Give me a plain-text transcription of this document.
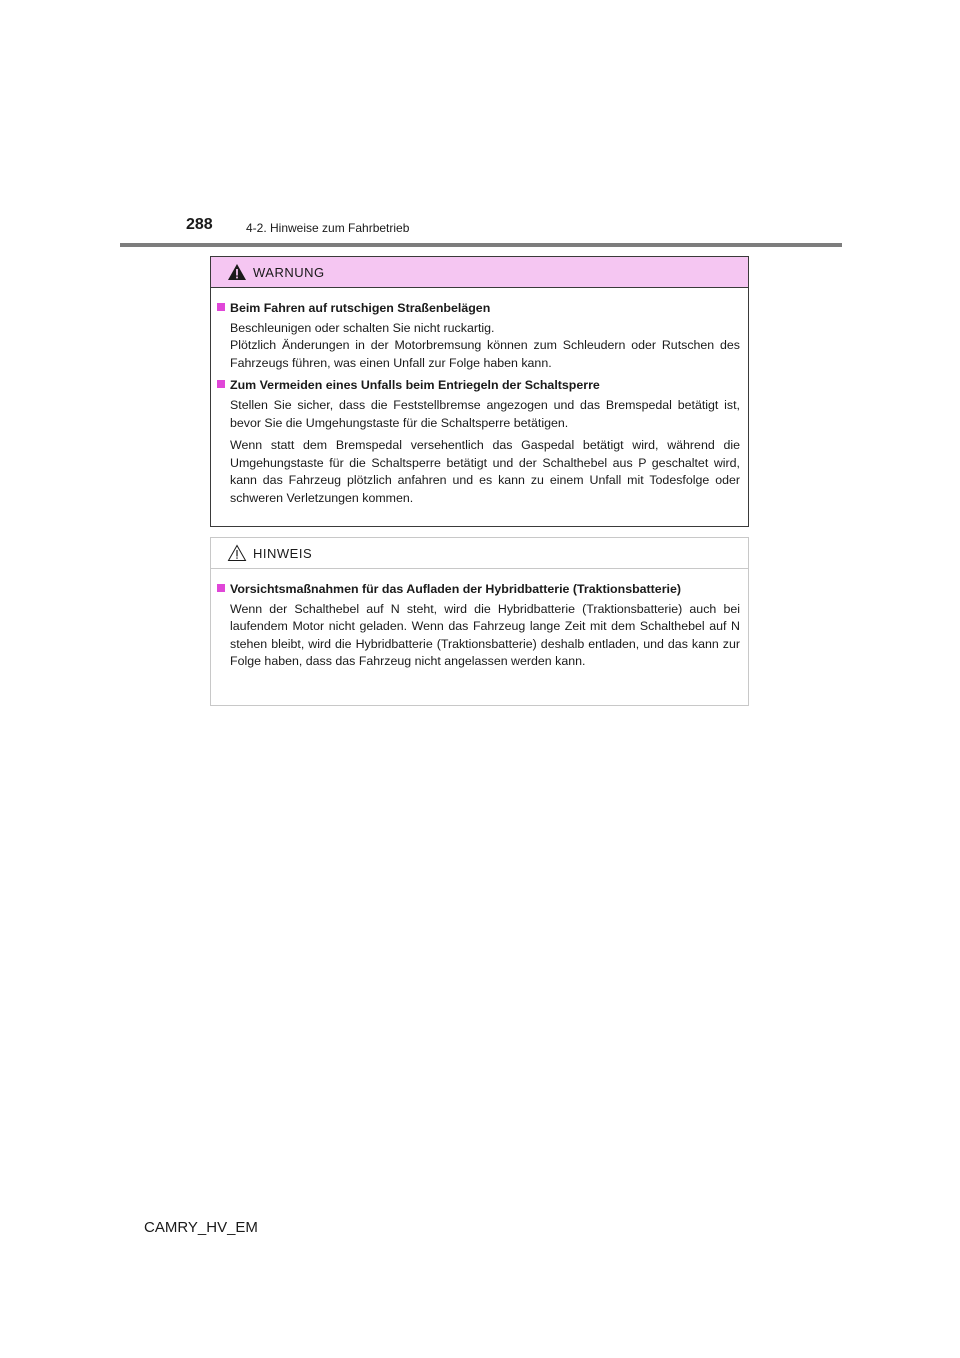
288	4-2. Hinweise zum Fahrbetrieb
WARNUNG
Beim Fahren auf rutschigen Straßenbelägen

Beschleunigen oder schalten Sie nicht ruckartig.

Plötzlich Änderungen in der Motorbremsung können zum Schleudern oder Rutschen des Fahrzeugs führen, was einen Unfall zur Folge haben kann.

Zum Vermeiden eines Unfalls beim Entriegeln der Schaltsperre

Stellen Sie sicher, dass die Feststellbremse angezogen und das Bremspedal betätigt ist, bevor Sie die Umgehungstaste für die Schaltsperre betätigen.

Wenn statt dem Bremspedal versehentlich das Gaspedal betätigt wird, während die Umgehungstaste für die Schaltsperre betätigt und der Schalthebel aus P geschaltet wird, kann das Fahrzeug plötzlich anfahren und es kann zu einem Unfall mit Todesfolge oder schweren Verletzungen kommen.

HINWEIS
Vorsichtsmaßnahmen für das Aufladen der Hybridbatterie (Traktionsbatterie)

Wenn der Schalthebel auf N steht, wird die Hybridbatterie (Traktionsbatterie) auch bei laufendem Motor nicht geladen. Wenn das Fahrzeug lange Zeit mit dem Schalthebel auf N stehen bleibt, wird die Hybridbatterie (Traktionsbatterie) deshalb entladen, und das kann zur Folge haben, dass das Fahrzeug nicht angelassen werden kann.

CAMRY_HV_EM
